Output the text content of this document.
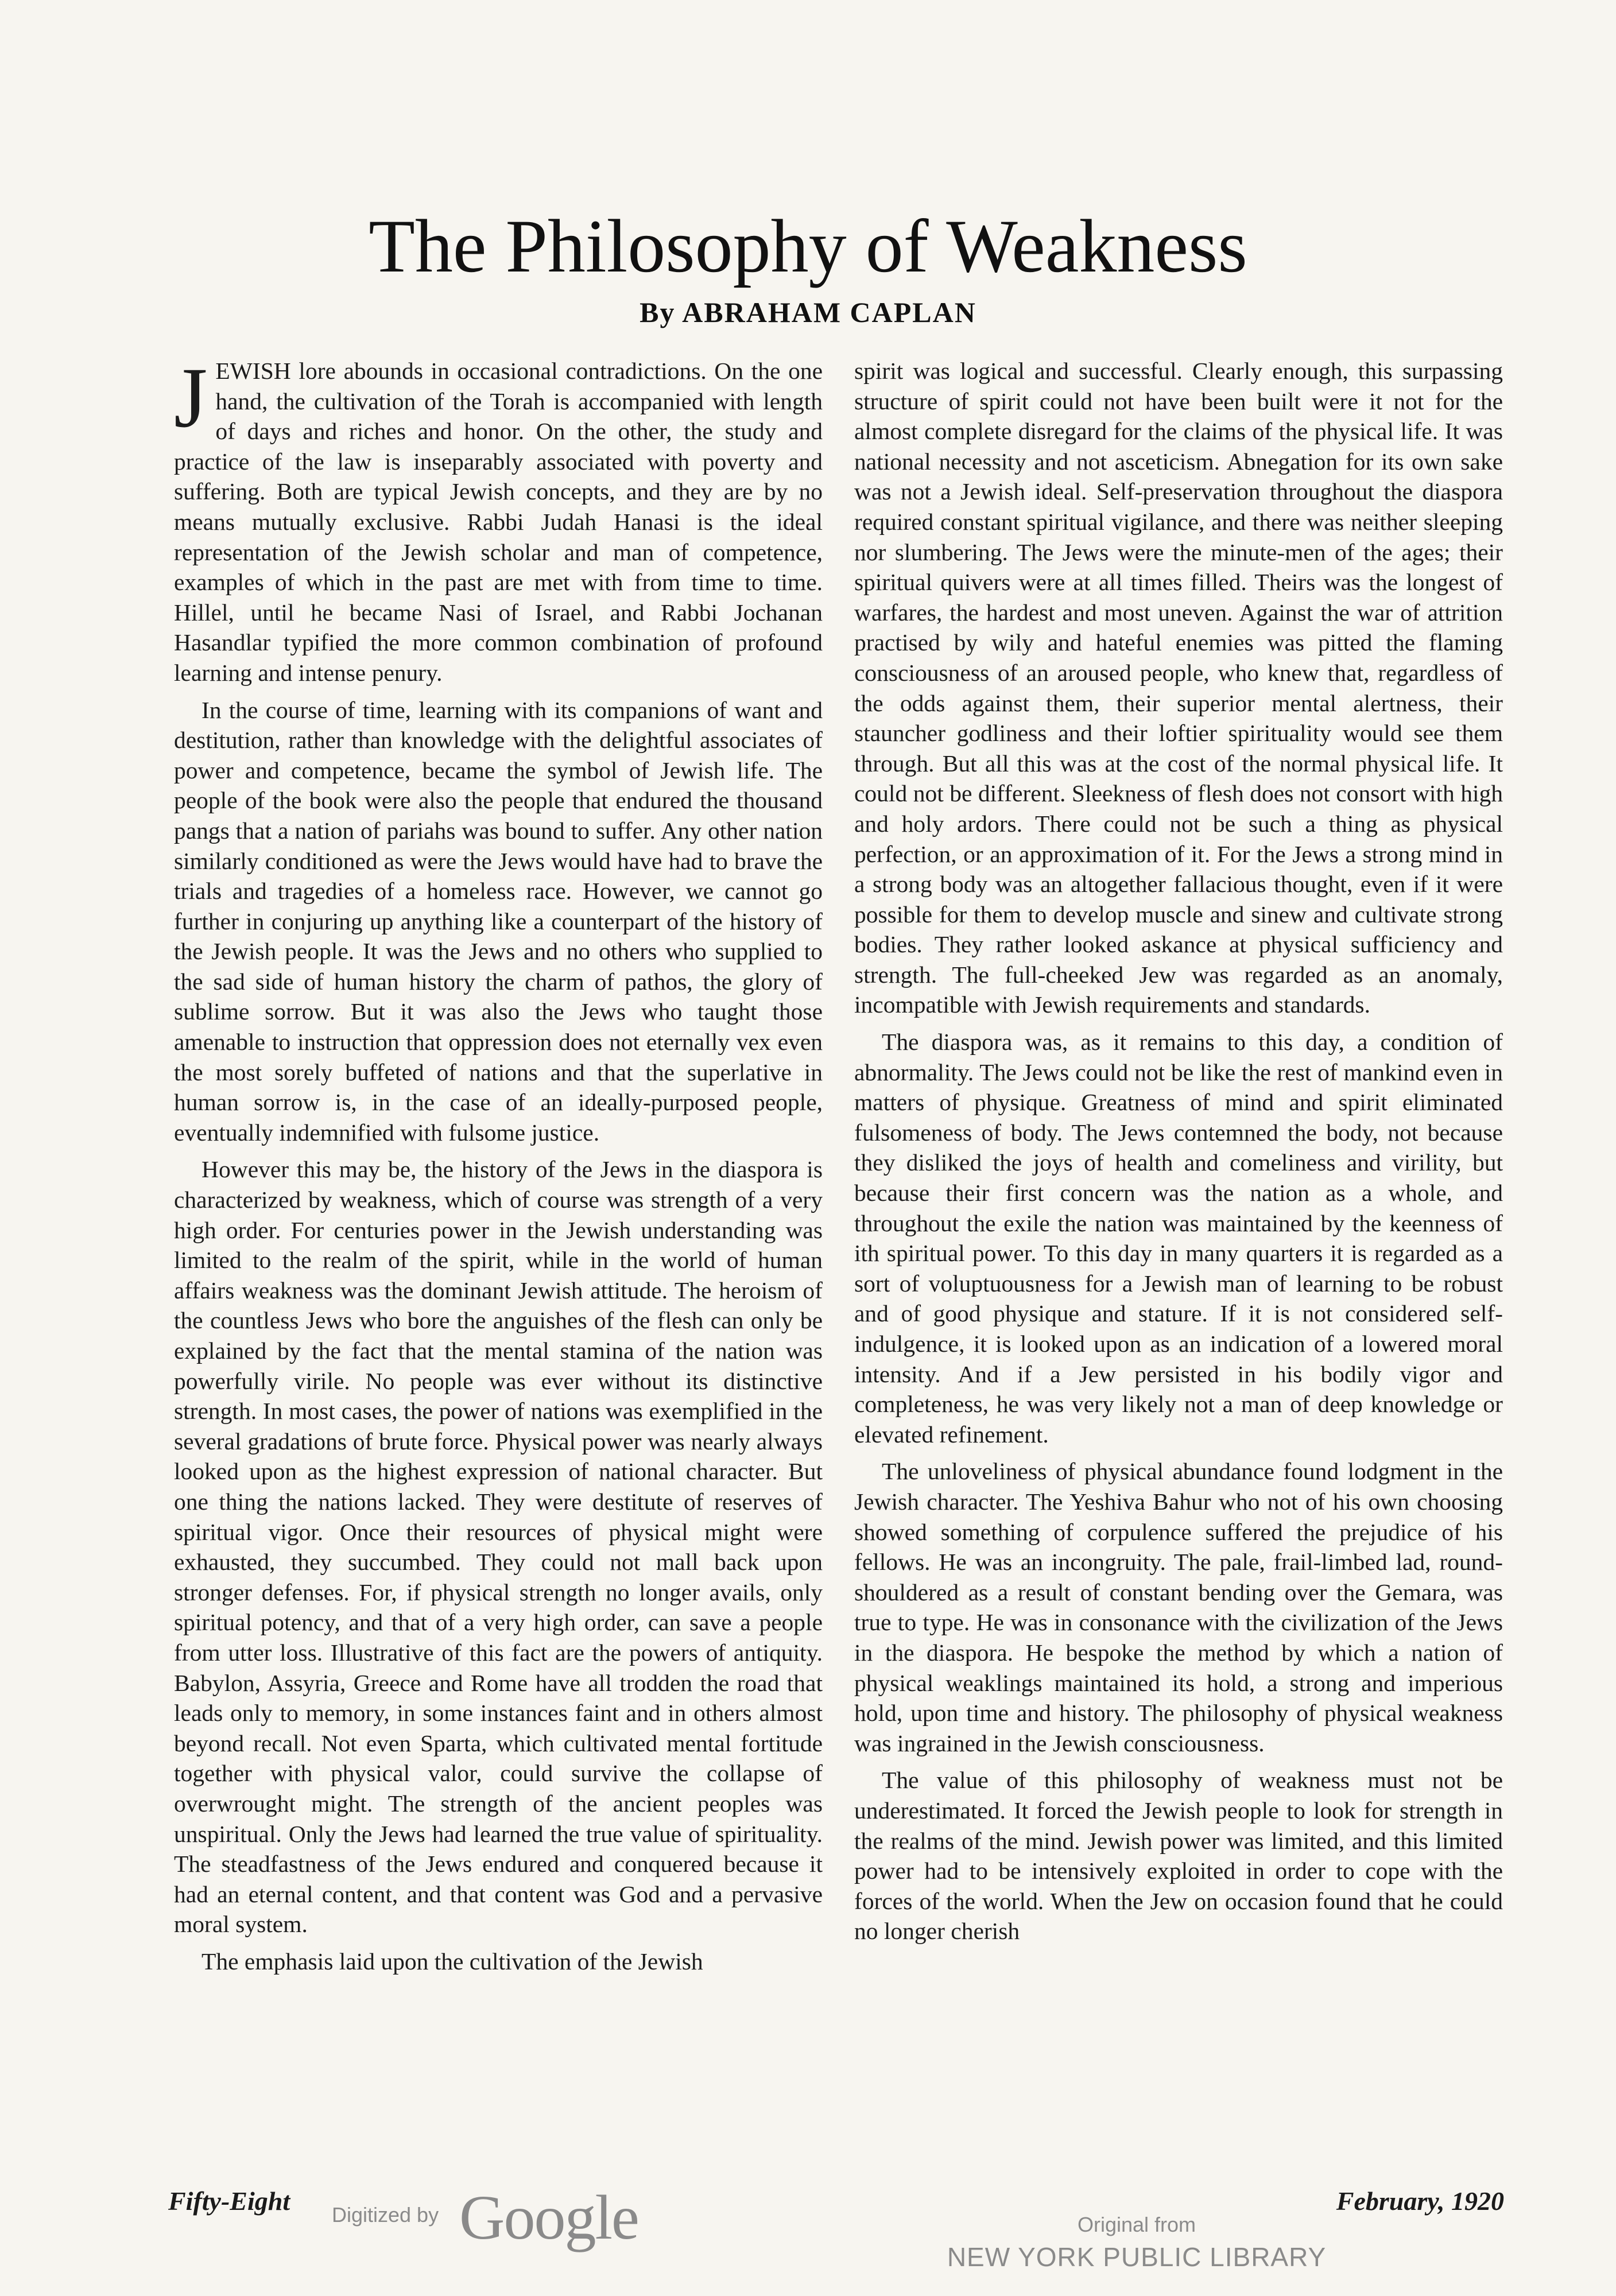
The Philosophy of Weakness
By ABRAHAM CAPLAN

JEWISH lore abounds in occasional contradictions. On the one hand, the cultivation of the Torah is accompanied with length of days and riches and honor. On the other, the study and practice of the law is inseparably associated with poverty and suffering. Both are typical Jewish concepts, and they are by no means mutually exclusive. Rabbi Judah Hanasi is the ideal representation of the Jewish scholar and man of competence, examples of which in the past are met with from time to time. Hillel, until he became Nasi of Israel, and Rabbi Jochanan Hasandlar typified the more common combination of profound learning and intense penury.

In the course of time, learning with its companions of want and destitution, rather than knowledge with the delightful associates of power and competence, became the symbol of Jewish life. The people of the book were also the people that endured the thousand pangs that a nation of pariahs was bound to suffer. Any other nation similarly conditioned as were the Jews would have had to brave the trials and tragedies of a homeless race. However, we cannot go further in conjuring up anything like a counterpart of the history of the Jewish people. It was the Jews and no others who supplied to the sad side of human history the charm of pathos, the glory of sublime sorrow. But it was also the Jews who taught those amenable to instruction that oppression does not eternally vex even the most sorely buffeted of nations and that the superlative in human sorrow is, in the case of an ideally-purposed people, eventually indemnified with fulsome justice.

However this may be, the history of the Jews in the diaspora is characterized by weakness, which of course was strength of a very high order. For centuries power in the Jewish understanding was limited to the realm of the spirit, while in the world of human affairs weakness was the dominant Jewish attitude. The heroism of the countless Jews who bore the anguishes of the flesh can only be explained by the fact that the mental stamina of the nation was powerfully virile. No people was ever without its distinctive strength. In most cases, the power of nations was exemplified in the several gradations of brute force. Physical power was nearly always looked upon as the highest expression of national character. But one thing the nations lacked. They were destitute of reserves of spiritual vigor. Once their resources of physical might were exhausted, they succumbed. They could not mall back upon stronger defenses. For, if physical strength no longer avails, only spiritual potency, and that of a very high order, can save a people from utter loss. Illustrative of this fact are the powers of antiquity. Babylon, Assyria, Greece and Rome have all trodden the road that leads only to memory, in some instances faint and in others almost beyond recall. Not even Sparta, which cultivated mental fortitude together with physical valor, could survive the collapse of overwrought might. The strength of the ancient peoples was unspiritual. Only the Jews had learned the true value of spirituality. The steadfastness of the Jews endured and conquered because it had an eternal content, and that content was God and a pervasive moral system.

The emphasis laid upon the cultivation of the Jewish

spirit was logical and successful. Clearly enough, this surpassing structure of spirit could not have been built were it not for the almost complete disregard for the claims of the physical life. It was national necessity and not asceticism. Abnegation for its own sake was not a Jewish ideal. Self-preservation throughout the diaspora required constant spiritual vigilance, and there was neither sleeping nor slumbering. The Jews were the minute-men of the ages; their spiritual quivers were at all times filled. Theirs was the longest of warfares, the hardest and most uneven. Against the war of attrition practised by wily and hateful enemies was pitted the flaming consciousness of an aroused people, who knew that, regardless of the odds against them, their superior mental alertness, their stauncher godliness and their loftier spirituality would see them through. But all this was at the cost of the normal physical life. It could not be different. Sleekness of flesh does not consort with high and holy ardors. There could not be such a thing as physical perfection, or an approximation of it. For the Jews a strong mind in a strong body was an altogether fallacious thought, even if it were possible for them to develop muscle and sinew and cultivate strong bodies. They rather looked askance at physical sufficiency and strength. The full-cheeked Jew was regarded as an anomaly, incompatible with Jewish requirements and standards.

The diaspora was, as it remains to this day, a condition of abnormality. The Jews could not be like the rest of mankind even in matters of physique. Greatness of mind and spirit eliminated fulsomeness of body. The Jews contemned the body, not because they disliked the joys of health and comeliness and virility, but because their first concern was the nation as a whole, and throughout the exile the nation was maintained by the keenness of ith spiritual power. To this day in many quarters it is regarded as a sort of voluptuousness for a Jewish man of learning to be robust and of good physique and stature. If it is not considered self-indulgence, it is looked upon as an indication of a lowered moral intensity. And if a Jew persisted in his bodily vigor and completeness, he was very likely not a man of deep knowledge or elevated refinement.

The unloveliness of physical abundance found lodgment in the Jewish character. The Yeshiva Bahur who not of his own choosing showed something of corpulence suffered the prejudice of his fellows. He was an incongruity. The pale, frail-limbed lad, round-shouldered as a result of constant bending over the Gemara, was true to type. He was in consonance with the civilization of the Jews in the diaspora. He bespoke the method by which a nation of physical weaklings maintained its hold, a strong and imperious hold, upon time and history. The philosophy of physical weakness was ingrained in the Jewish consciousness.

The value of this philosophy of weakness must not be underestimated. It forced the Jewish people to look for strength in the realms of the mind. Jewish power was limited, and this limited power had to be intensively exploited in order to cope with the forces of the world. When the Jew on occasion found that he could no longer cherish

Fifty-Eight	February, 1920
Digitized by Google	Original from
NEW YORK PUBLIC LIBRARY
